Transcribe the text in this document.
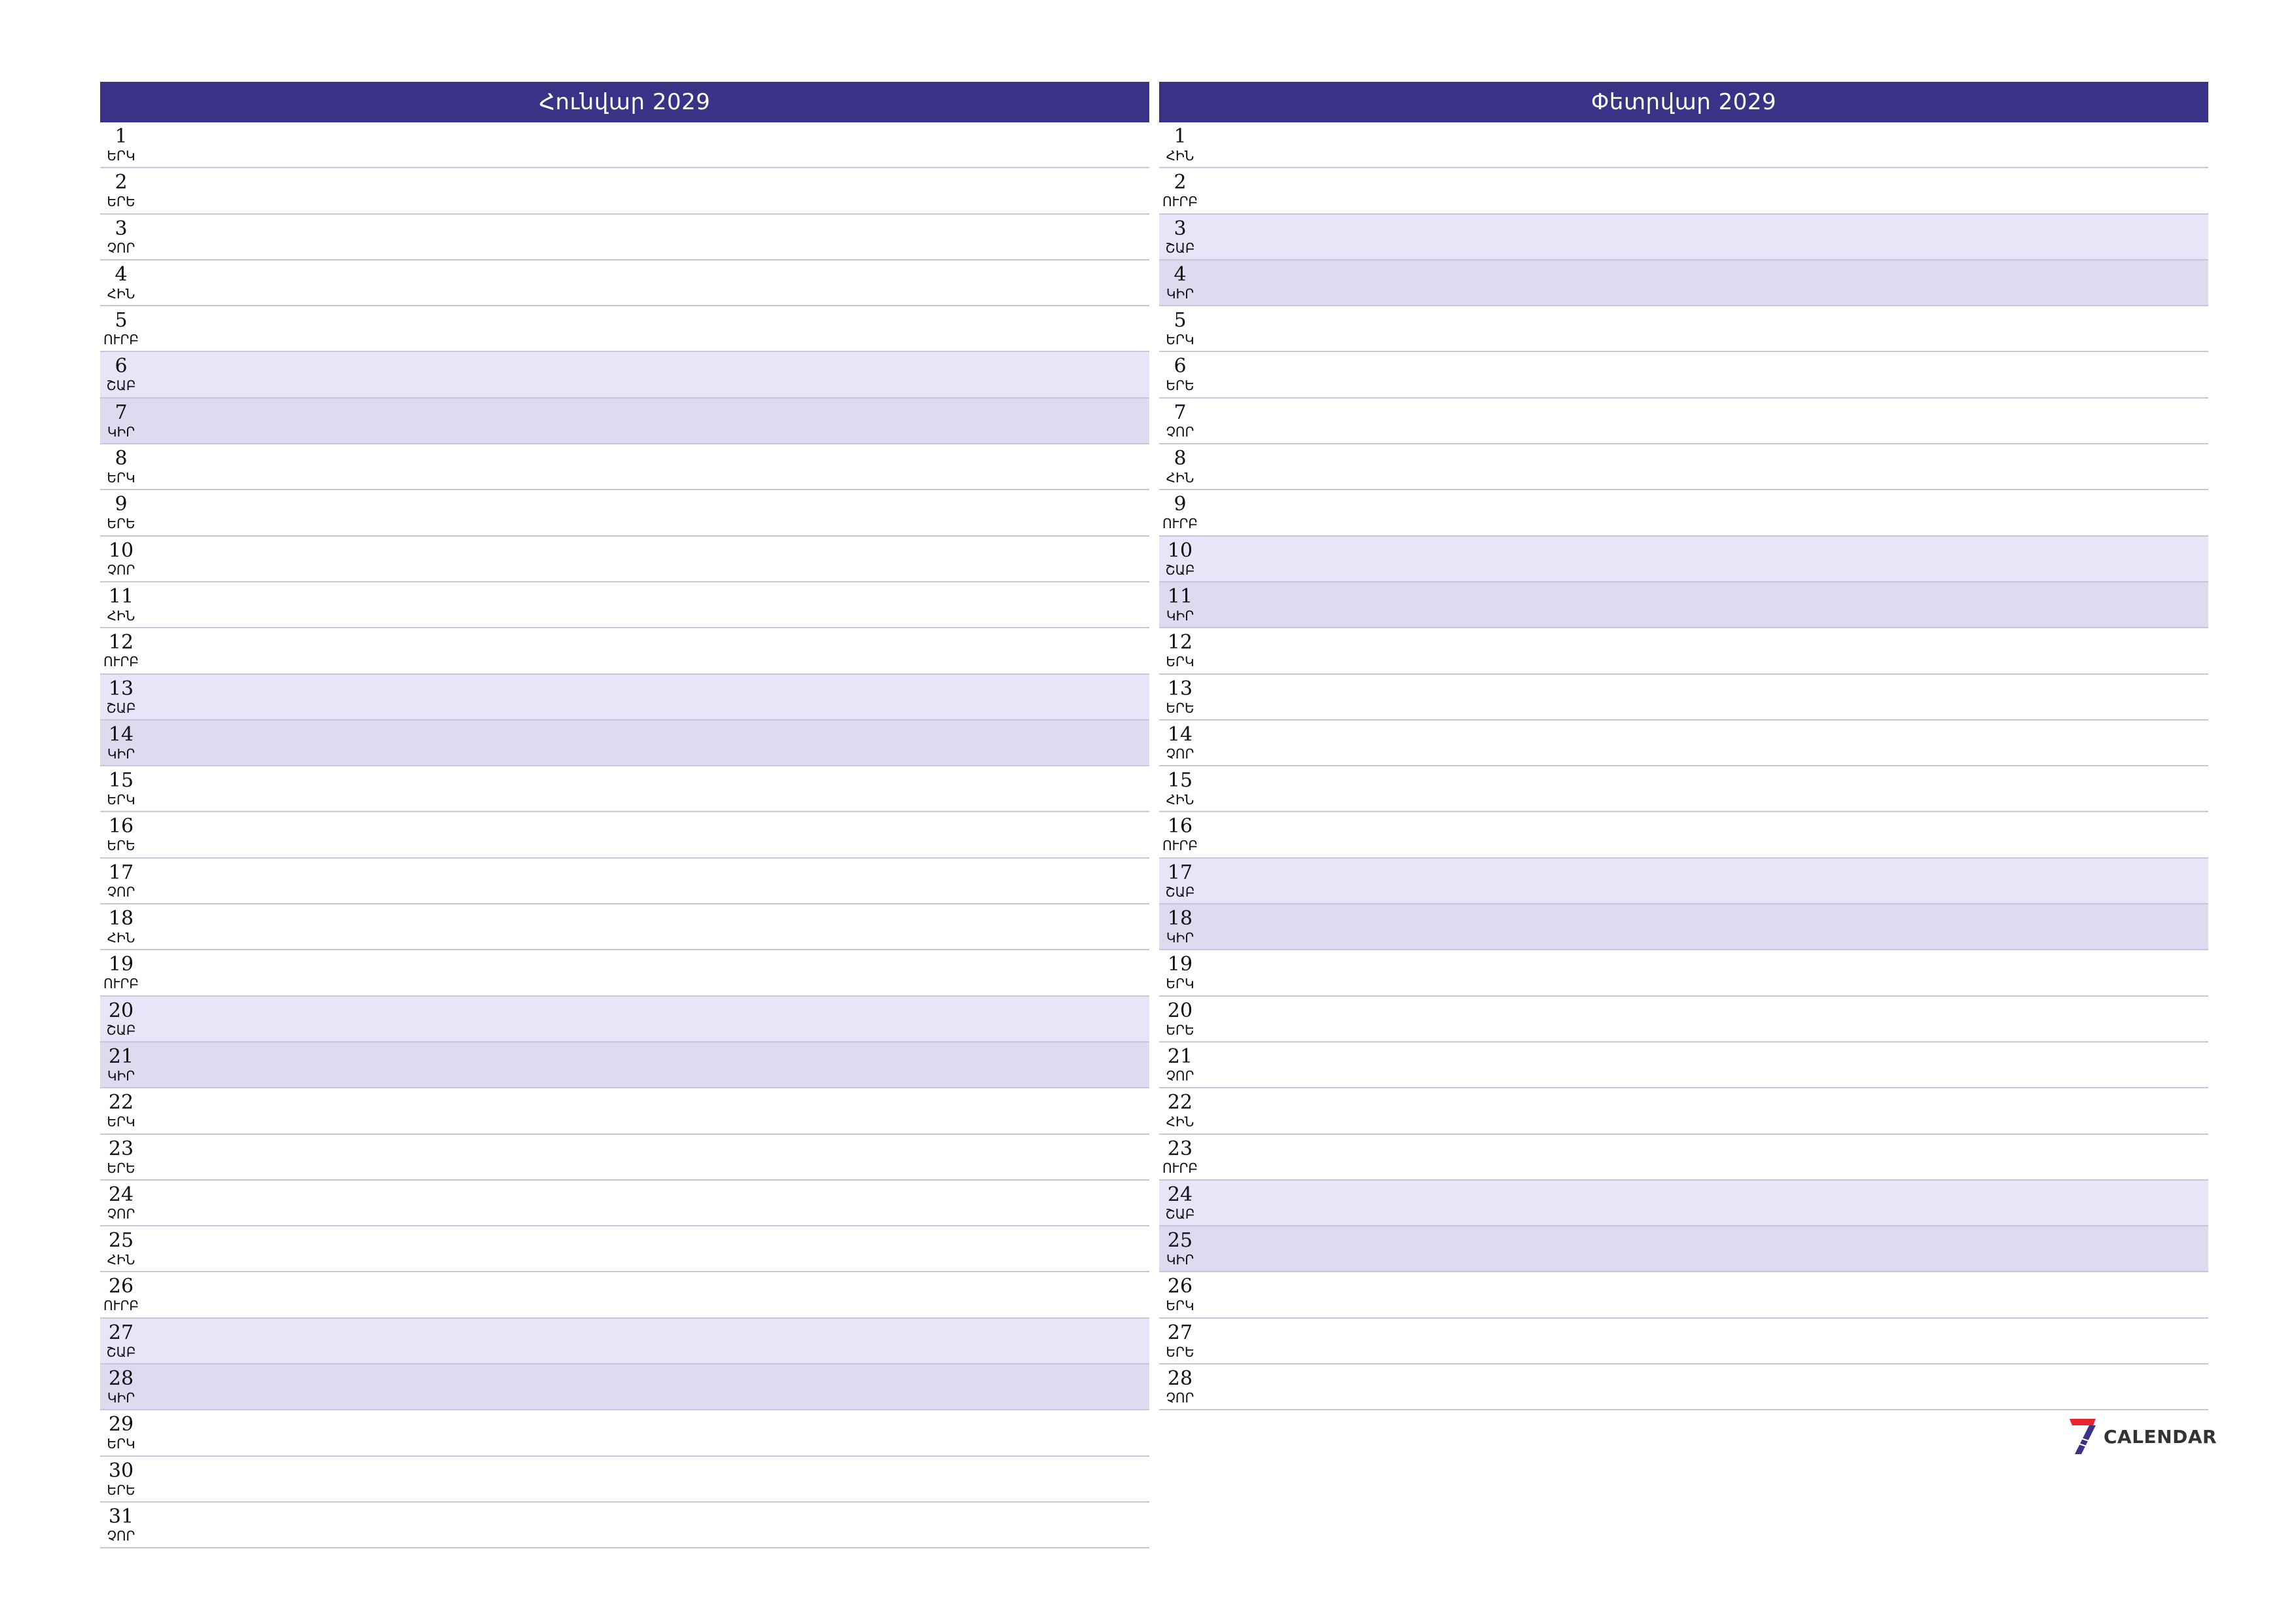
Հունվար 2029
1
ԵՐԿ
2
ԵՐԵ
3
ՉՈՐ
4
ՀԻՆ
5
ՈՒՐԲ
6
ՇԱԲ
7
ԿԻՐ
8
ԵՐԿ
9
ԵՐԵ
10
ՉՈՐ
11
ՀԻՆ
12
ՈՒՐԲ
13
ՇԱԲ
14
ԿԻՐ
15
ԵՐԿ
16
ԵՐԵ
17
ՉՈՐ
18
ՀԻՆ
19
ՈՒՐԲ
20
ՇԱԲ
21
ԿԻՐ
22
ԵՐԿ
23
ԵՐԵ
24
ՉՈՐ
25
ՀԻՆ
26
ՈՒՐԲ
27
ՇԱԲ
28
ԿԻՐ
29
ԵՐԿ
30
ԵՐԵ
31
ՉՈՐ
Փետրվար 2029
1
ՀԻՆ
2
ՈՒՐԲ
3
ՇԱԲ
4
ԿԻՐ
5
ԵՐԿ
6
ԵՐԵ
7
ՉՈՐ
8
ՀԻՆ
9
ՈՒՐԲ
10
ՇԱԲ
11
ԿԻՐ
12
ԵՐԿ
13
ԵՐԵ
14
ՉՈՐ
15
ՀԻՆ
16
ՈՒՐԲ
17
ՇԱԲ
18
ԿԻՐ
19
ԵՐԿ
20
ԵՐԵ
21
ՉՈՐ
22
ՀԻՆ
23
ՈՒՐԲ
24
ՇԱԲ
25
ԿԻՐ
26
ԵՐԿ
27
ԵՐԵ
28
ՉՈՐ
CALENDAR
